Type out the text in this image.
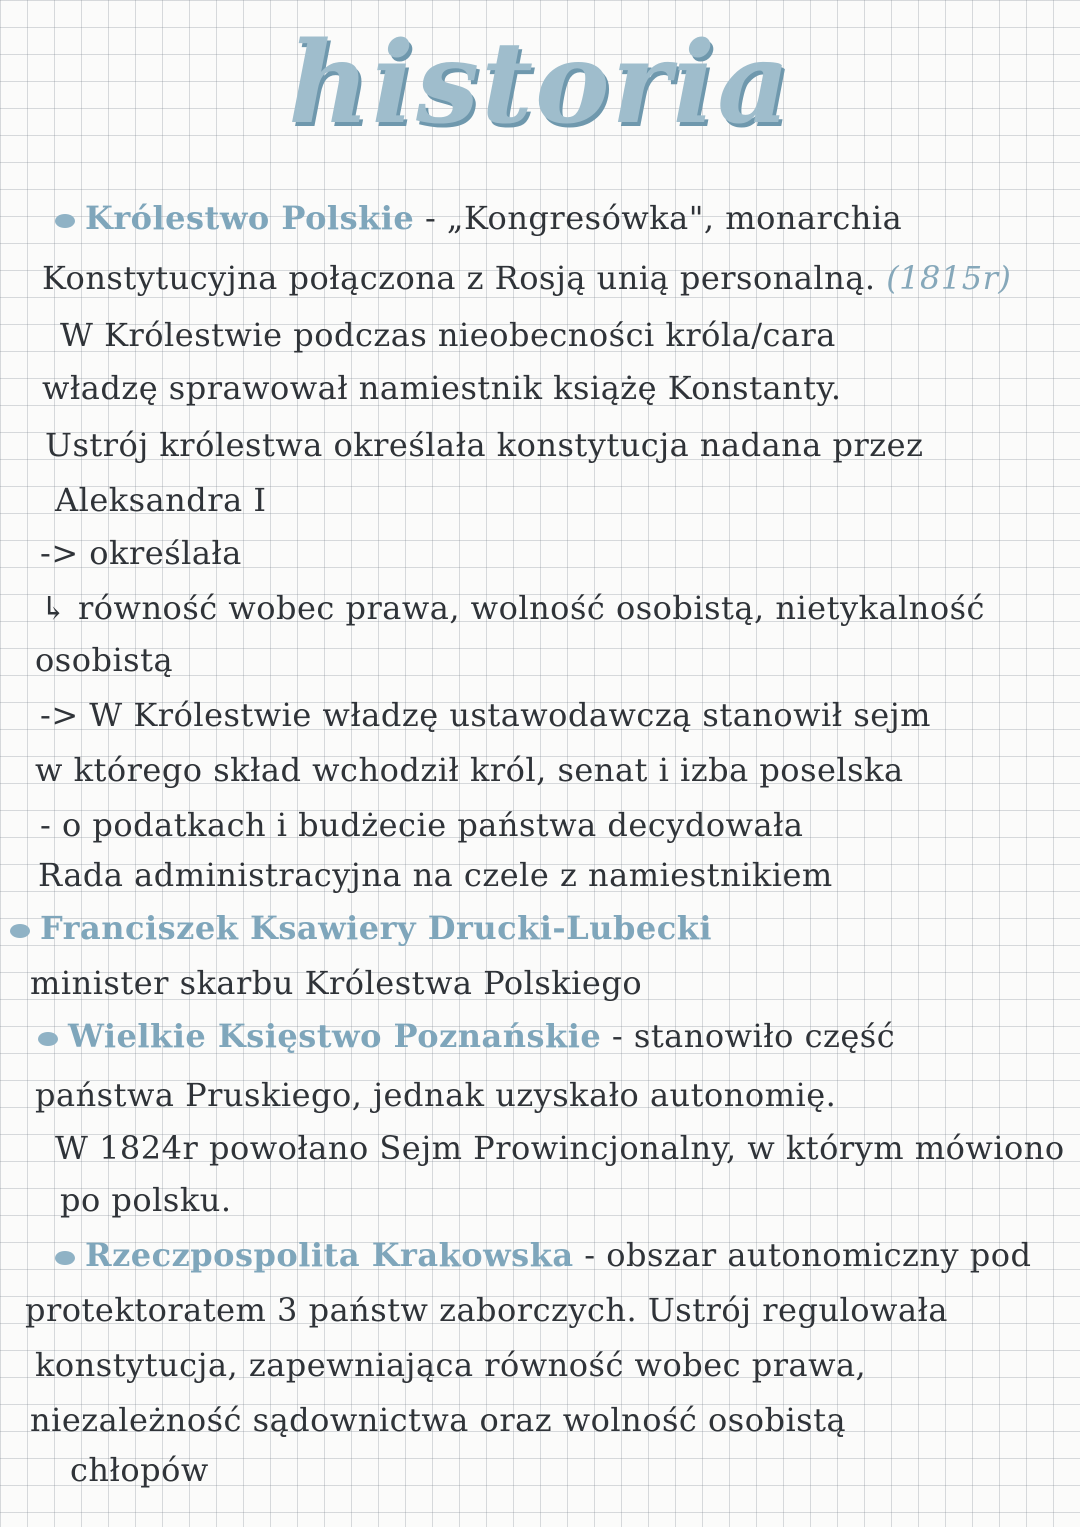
historia
Królestwo Polskie - „Kongresówka", monarchia
Konstytucyjna połączona z Rosją unią personalną. (1815r)
W Królestwie podczas nieobecności króla/cara
władzę sprawował namiestnik książę Konstanty.
Ustrój królestwa określała konstytucja nadana przez
Aleksandra I
-> określała
↳ równość wobec prawa, wolność osobistą, nietykalność
osobistą
-> W Królestwie władzę ustawodawczą stanowił sejm
w którego skład wchodził król, senat i izba poselska
- o podatkach i budżecie państwa decydowała
Rada administracyjna na czele z namiestnikiem
Franciszek Ksawiery Drucki-Lubecki
minister skarbu Królestwa Polskiego
Wielkie Księstwo Poznańskie - stanowiło część
państwa Pruskiego, jednak uzyskało autonomię.
W 1824r powołano Sejm Prowincjonalny, w którym mówiono
po polsku.
Rzeczpospolita Krakowska - obszar autonomiczny pod
protektoratem 3 państw zaborczych. Ustrój regulowała
konstytucja, zapewniająca równość wobec prawa,
niezależność sądownictwa oraz wolność osobistą
chłopów
